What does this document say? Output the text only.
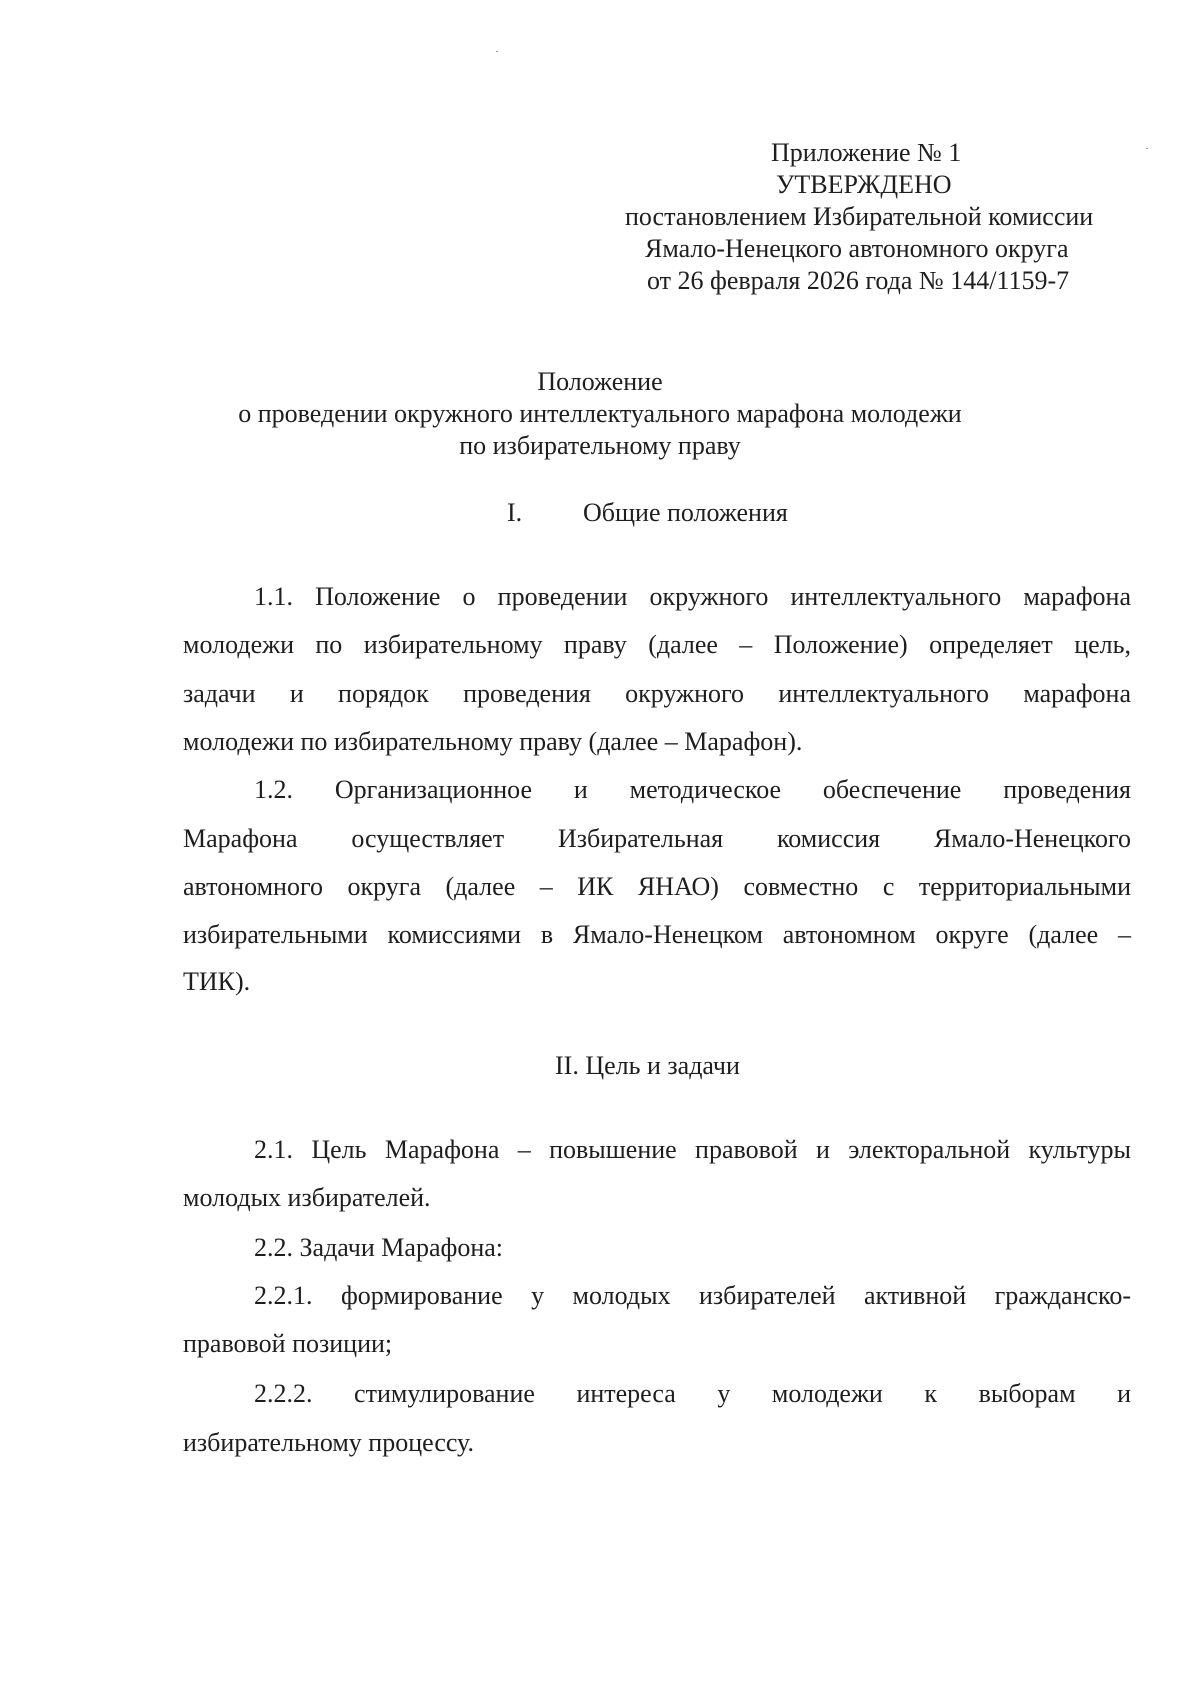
Приложение № 1
УТВЕРЖДЕНО
постановлением Избирательной комиссии
Ямало-Ненецкого автономного округа
от 26 февраля 2026 года № 144/1159-7
Положение
о проведении окружного интеллектуального марафона молодежи
по избирательному праву
I. Общие положения
1.1. Положение о проведении окружного интеллектуального марафона
молодежи по избирательному праву (далее – Положение) определяет цель,
задачи и порядок проведения окружного интеллектуального марафона
молодежи по избирательному праву (далее – Марафон).
1.2. Организационное и методическое обеспечение проведения
Марафона осуществляет Избирательная комиссия Ямало-Ненецкого
автономного округа (далее – ИК ЯНАО) совместно с территориальными
избирательными комиссиями в Ямало-Ненецком автономном округе (далее –
ТИК).
II. Цель и задачи
2.1. Цель Марафона – повышение правовой и электоральной культуры
молодых избирателей.
2.2. Задачи Марафона:
2.2.1. формирование у молодых избирателей активной гражданско-
правовой позиции;
2.2.2. стимулирование интереса у молодежи к выборам и
избирательному процессу.
